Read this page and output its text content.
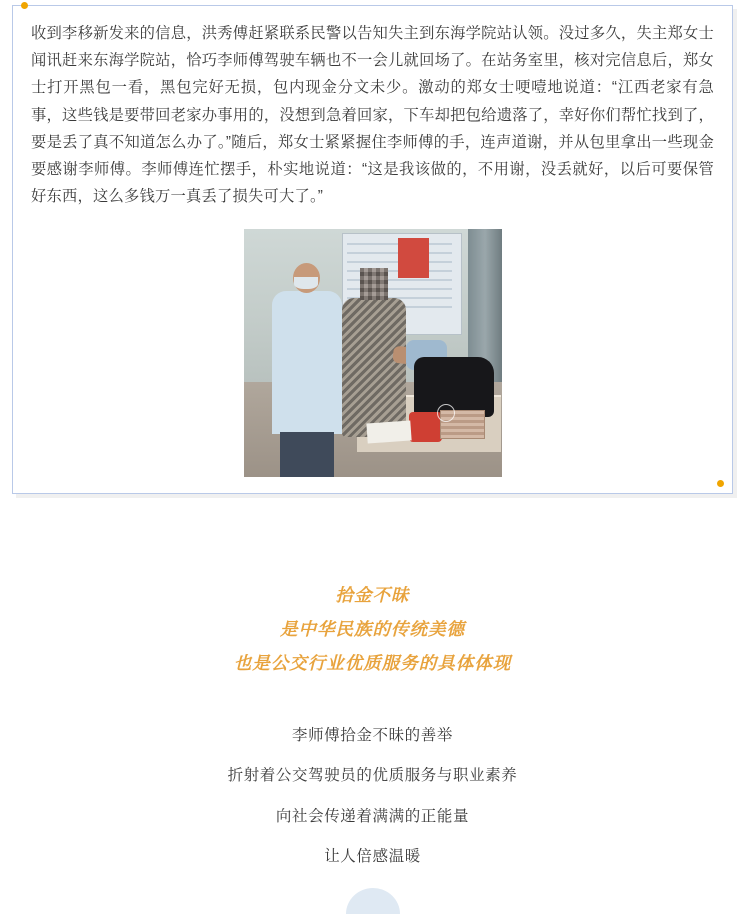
收到李移新发来的信息，洪秀傅赶紧联系民警以告知失主到东海学院站认领。没过多久，失主郑女士闻讯赶来东海学院站，恰巧李师傅驾驶车辆也不一会儿就回场了。在站务室里，核对完信息后，郑女士打开黑包一看，黑包完好无损，包内现金分文未少。激动的郑女士哽噎地说道：“江西老家有急事，这些钱是要带回老家办事用的，没想到急着回家，下车却把包给遗落了，幸好你们帮忙找到了，要是丢了真不知道怎么办了。”随后，郑女士紧紧握住李师傅的手，连声道谢，并从包里拿出一些现金要感谢李师傅。李师傅连忙摆手，朴实地说道：“这是我该做的，不用谢，没丢就好，以后可要保管好东西，这么多钱万一真丢了损失可大了。”
拾金不昧
是中华民族的传统美德
也是公交行业优质服务的具体体现
李师傅拾金不昧的善举
折射着公交驾驶员的优质服务与职业素养
向社会传递着满满的正能量
让人倍感温暖
